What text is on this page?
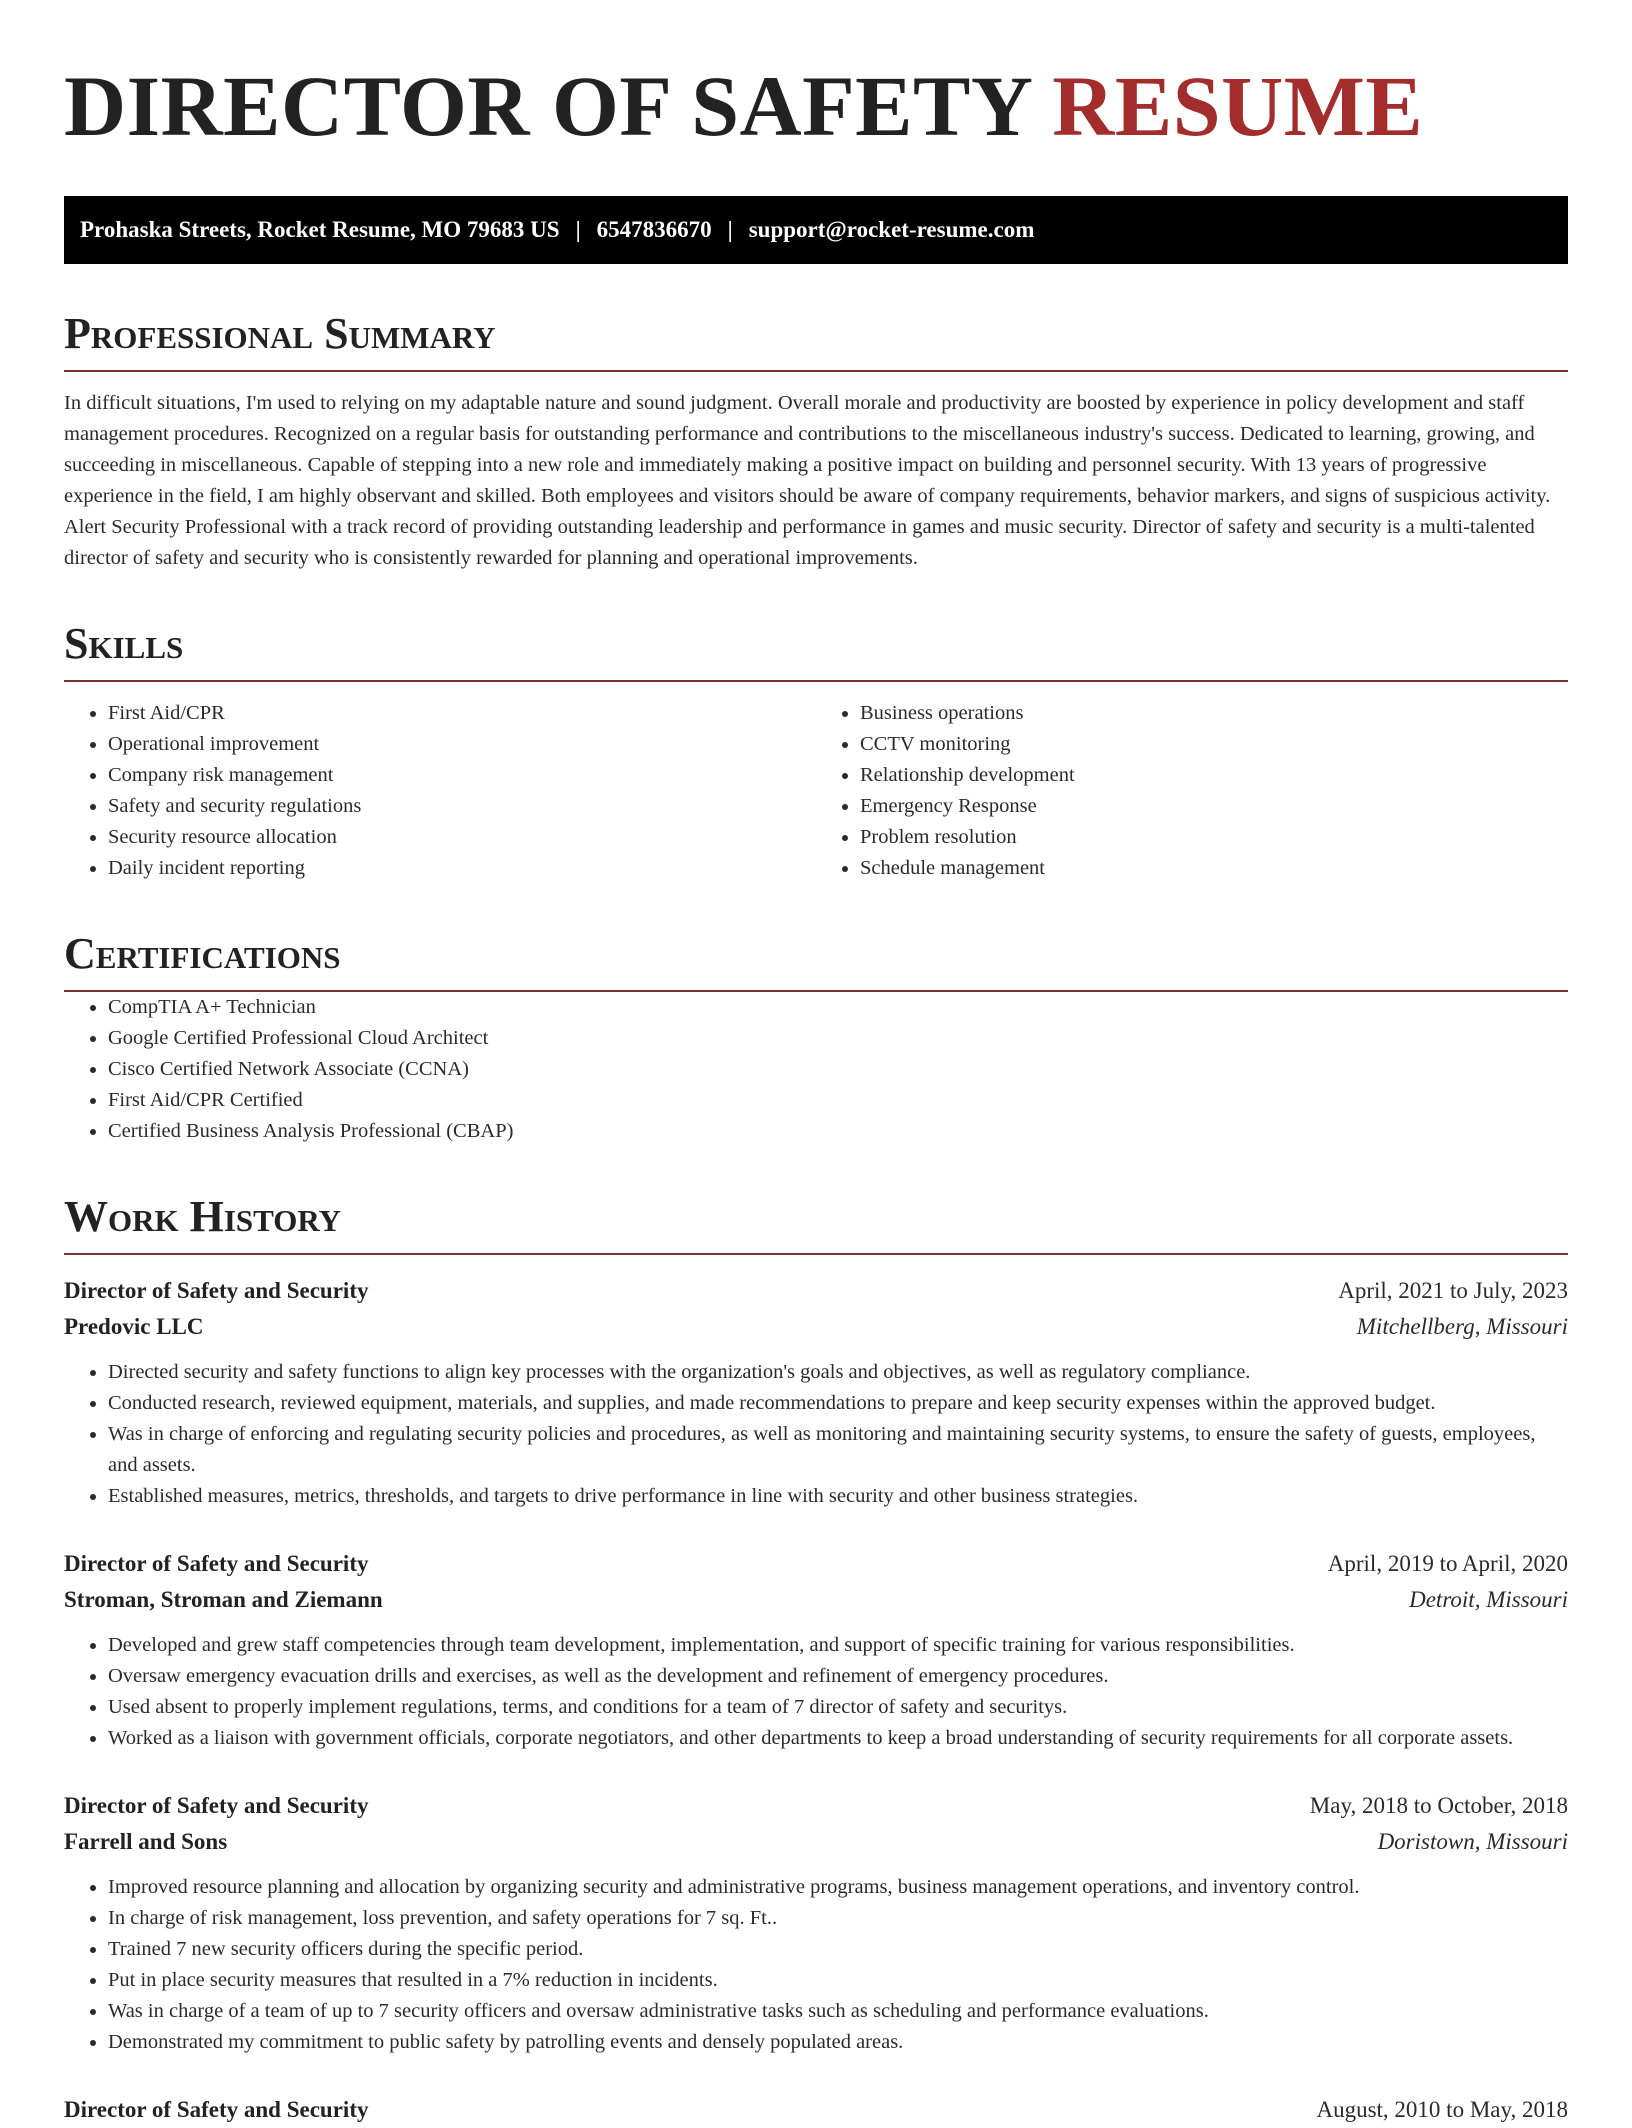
DIRECTOR OF SAFETY RESUME
Prohaska Streets, Rocket Resume, MO 79683 US | 6547836670 | support@rocket-resume.com
Professional Summary

In difficult situations, I'm used to relying on my adaptable nature and sound judgment. Overall morale and productivity are boosted by experience in policy development and staff management procedures. Recognized on a regular basis for outstanding performance and contributions to the miscellaneous industry's success. Dedicated to learning, growing, and succeeding in miscellaneous. Capable of stepping into a new role and immediately making a positive impact on building and personnel security. With 13 years of progressive experience in the field, I am highly observant and skilled. Both employees and visitors should be aware of company requirements, behavior markers, and signs of suspicious activity. Alert Security Professional with a track record of providing outstanding leadership and performance in games and music security. Director of safety and security is a multi-talented director of safety and security who is consistently rewarded for planning and operational improvements.

Skills
• First Aid/CPR
• Operational improvement
• Company risk management
• Safety and security regulations
• Security resource allocation
• Daily incident reporting
• Business operations
• CCTV monitoring
• Relationship development
• Emergency Response
• Problem resolution
• Schedule management
Certifications
• CompTIA A+ Technician
• Google Certified Professional Cloud Architect
• Cisco Certified Network Associate (CCNA)
• First Aid/CPR Certified
• Certified Business Analysis Professional (CBAP)
Work History
Director of Safety and Security	April, 2021 to July, 2023
Predovic LLC	Mitchellberg, Missouri
• Directed security and safety functions to align key processes with the organization's goals and objectives, as well as regulatory compliance.
• Conducted research, reviewed equipment, materials, and supplies, and made recommendations to prepare and keep security expenses within the approved budget.
• Was in charge of enforcing and regulating security policies and procedures, as well as monitoring and maintaining security systems, to ensure the safety of guests, employees, and assets.
• Established measures, metrics, thresholds, and targets to drive performance in line with security and other business strategies.
Director of Safety and Security	April, 2019 to April, 2020
Stroman, Stroman and Ziemann	Detroit, Missouri
• Developed and grew staff competencies through team development, implementation, and support of specific training for various responsibilities.
• Oversaw emergency evacuation drills and exercises, as well as the development and refinement of emergency procedures.
• Used absent to properly implement regulations, terms, and conditions for a team of 7 director of safety and securitys.
• Worked as a liaison with government officials, corporate negotiators, and other departments to keep a broad understanding of security requirements for all corporate assets.
Director of Safety and Security	May, 2018 to October, 2018
Farrell and Sons	Doristown, Missouri
• Improved resource planning and allocation by organizing security and administrative programs, business management operations, and inventory control.
• In charge of risk management, loss prevention, and safety operations for 7 sq. Ft..
• Trained 7 new security officers during the specific period.
• Put in place security measures that resulted in a 7% reduction in incidents.
• Was in charge of a team of up to 7 security officers and oversaw administrative tasks such as scheduling and performance evaluations.
• Demonstrated my commitment to public safety by patrolling events and densely populated areas.
Director of Safety and Security	August, 2010 to May, 2018
